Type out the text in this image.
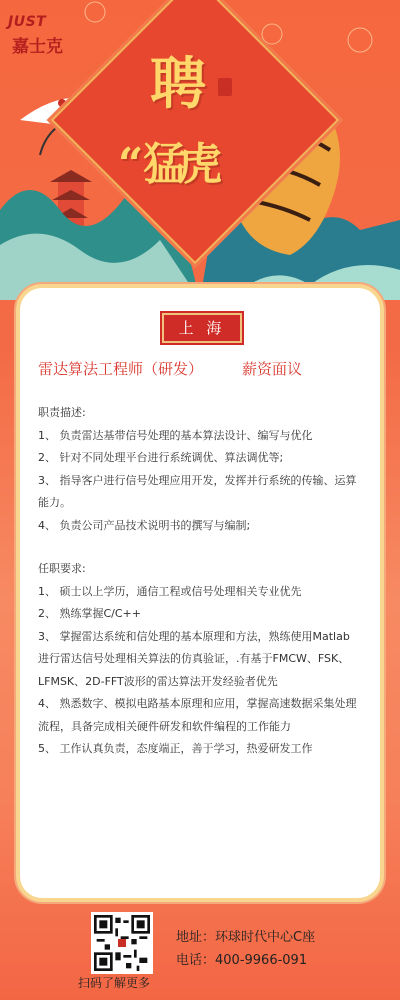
JUST
嘉士克
聘
“猛
虎
上 海
雷达算法工程师（研发）	薪资面议

职责描述:

1、 负责雷达基带信号处理的基本算法设计、编写与优化

2、 针对不同处理平台进行系统调优、算法调优等;

3、 指导客户进行信号处理应用开发，发挥并行系统的传输、运算能力。

4、 负责公司产品技术说明书的撰写与编制;

任职要求:

1、 硕士以上学历，通信工程或信号处理相关专业优先

2、 熟练掌握C/C++

3、 掌握雷达系统和信处理的基本原理和方法，熟练使用Matlab进行雷达信号处理相关算法的仿真验证，.有基于FMCW、FSK、LFMSK、2D-FFT波形的雷达算法开发经验者优先

4、 熟悉数字、模拟电路基本原理和应用，掌握高速数据采集处理流程，具备完成相关硬件研发和软件编程的工作能力

5、 工作认真负责，态度端正，善于学习，热爱研发工作

扫码了解更多
地址：环球时代中心C座
电话：400-9966-091
